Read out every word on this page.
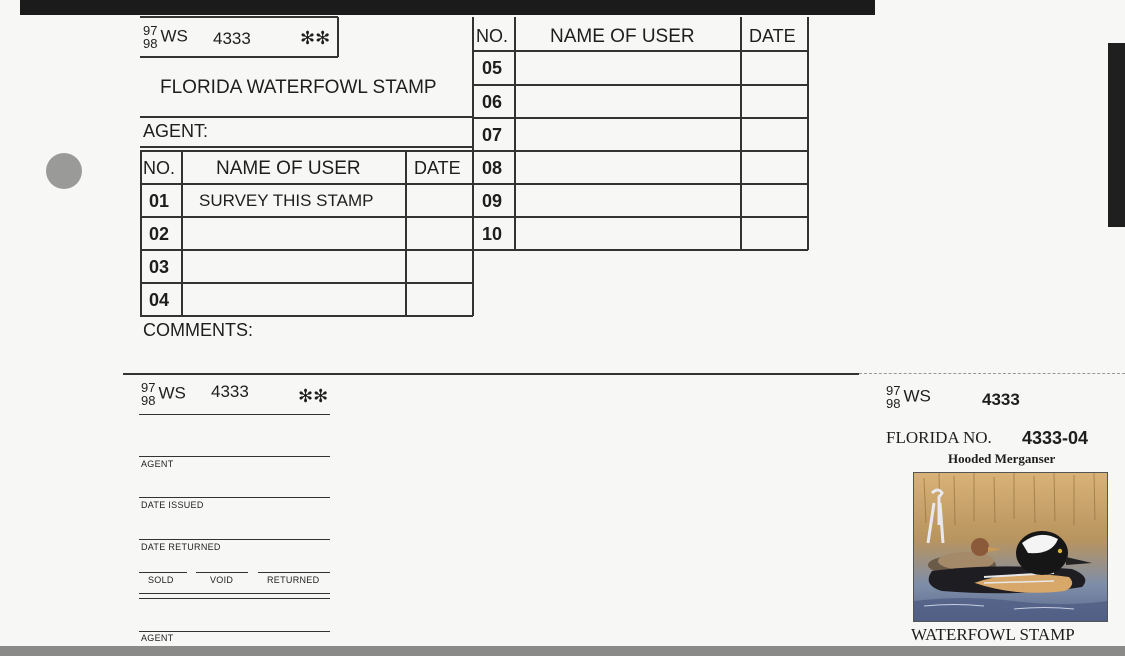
97
98 WS 4333	✻✻
FLORIDA WATERFOWL STAMP
AGENT:
NO. NAME OF USER	DATE
01 SURVEY THIS STAMP
02
03
04
COMMENTS:
NO. NAME OF USER	DATE
05
06
07
08
09
10
97
98 WS 4333	✻✻
AGENT
DATE ISSUED
DATE RETURNED
SOLD	VOID	RETURNED
AGENT
97
98 WS	4333
FLORIDA NO. 4333-04
Hooded Merganser
WATERFOWL STAMP
